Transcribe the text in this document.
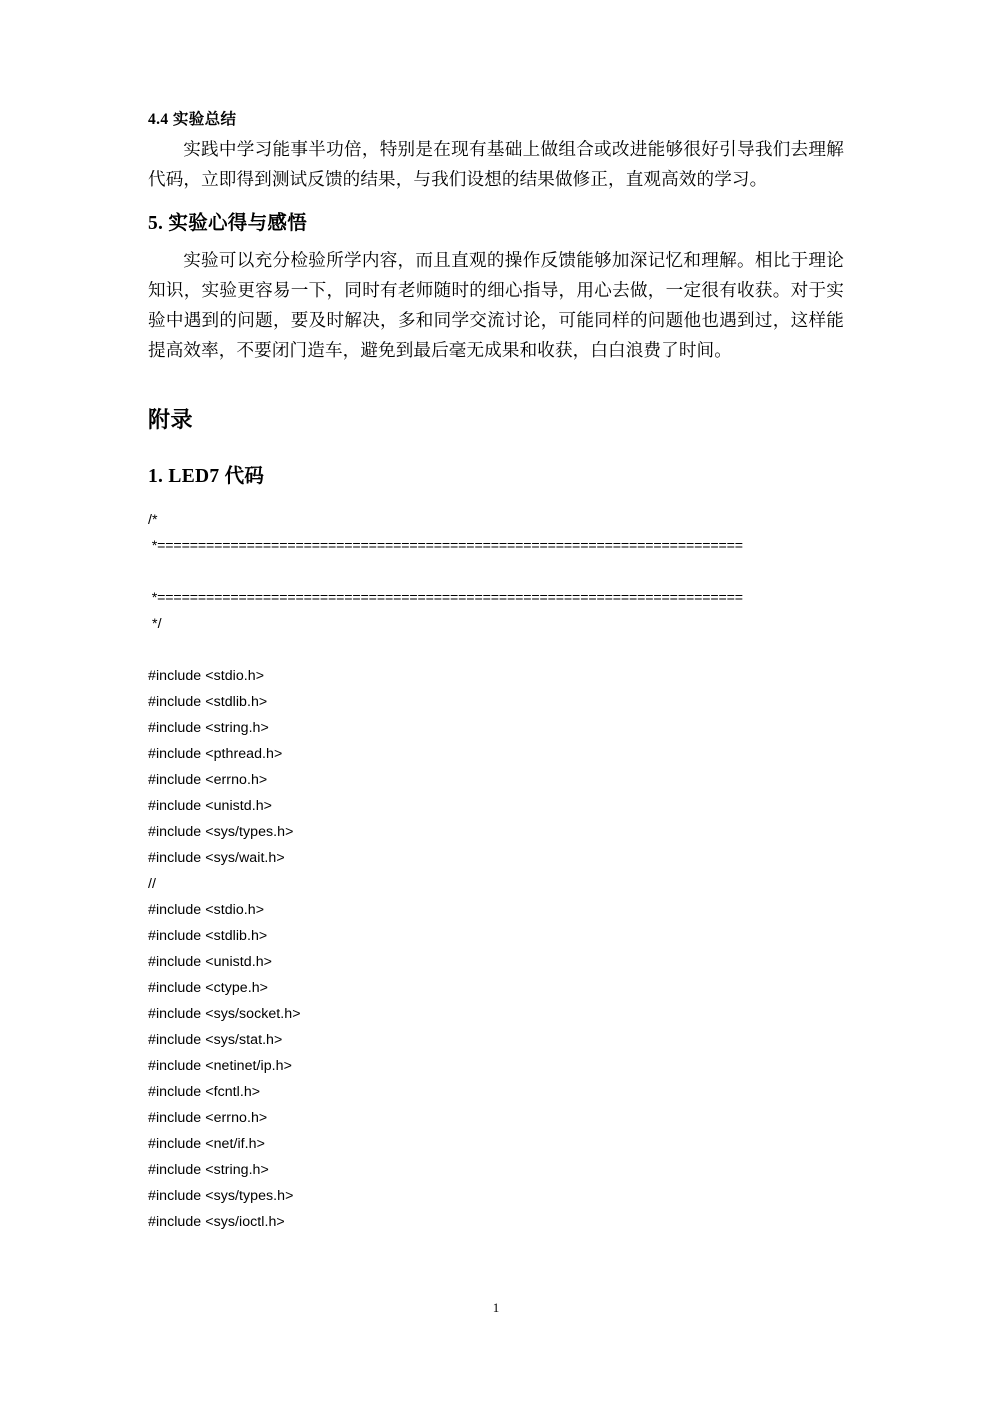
4.4 实验总结

实践中学习能事半功倍，特别是在现有基础上做组合或改进能够很好引导我们去理解代码，立即得到测试反馈的结果，与我们设想的结果做修正，直观高效的学习。

5. 实验心得与感悟

实验可以充分检验所学内容，而且直观的操作反馈能够加深记忆和理解。相比于理论知识，实验更容易一下，同时有老师随时的细心指导，用心去做，一定很有收获。对于实验中遇到的问题，要及时解决，多和同学交流讨论，可能同样的问题他也遇到过，这样能提高效率，不要闭门造车，避免到最后毫无成果和收获，白白浪费了时间。

附录
1. LED7 代码
/*
*========================================================================

*========================================================================
*/

#include <stdio.h>
#include <stdlib.h>
#include <string.h>
#include <pthread.h>
#include <errno.h>
#include <unistd.h>
#include <sys/types.h>
#include <sys/wait.h>
//
#include <stdio.h>
#include <stdlib.h>
#include <unistd.h>
#include <ctype.h>
#include <sys/socket.h>
#include <sys/stat.h>
#include <netinet/ip.h>
#include <fcntl.h>
#include <errno.h>
#include <net/if.h>
#include <string.h>
#include <sys/types.h>
#include <sys/ioctl.h>
1
